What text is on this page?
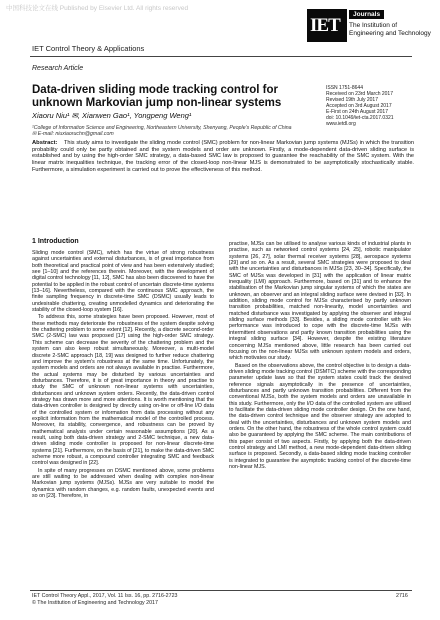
中国科技论文在线 Published by Elsevier Ltd. All rights reserved
IET Control Theory & Applications
IET
Journals
The Institution of
Engineering and Technology
Research Article
Data-driven sliding mode tracking control for unknown Markovian jump non-linear systems
ISSN 1751-8644
Received on 23rd March 2017
Revised 19th July 2017
Accepted on 3rd August 2017
E-First on 24th August 2017
doi: 10.1049/iet-cta.2017.0321
www.ietdl.org
Xiaoru Niu¹ ✉, Xianwen Gao¹, Yongpeng Weng¹
¹College of Information Science and Engineering, Northeastern University, Shenyang, People's Republic of China
✉ E-mail: niuxiaoruchn@gmail.com
Abstract:	This study aims to investigate the sliding mode control (SMC) problem for non-linear Markovian jump systems (MJSs) in which the transition probability could only be partly obtained and the system models and order are unknown. Firstly, a mode-dependent data-driven sliding surface is established and by using the high-order SMC strategy, a data-based SMC law is proposed to guarantee the reachability of the SMC system. With the linear matrix inequalities technique, the tracking error of the closed-loop non-linear MJS is demonstrated to be asymptotically stochastically stable. Furthermore, a simulation experiment is carried out to prove the effectiveness of this method.
1 Introduction

Sliding mode control (SMC), which has the virtue of strong robustness against uncertainties and external disturbances, is of great importance from both theoretical and practical point of view and has been extensively studied; see [1–10] and the references therein. Moreover, with the development of digital control technology [11, 12], SMC has also been discovered to have the potential to be applied in the robust control of uncertain discrete-time systems [13–16]. Nevertheless, compared with the continuous SMC approach, the finite sampling frequency in discrete-time SMC (DSMC) usually leads to undesirable chattering, creating unmodelled dynamics and deteriorating the stability of the closed-loop system [16].

To address this, some strategies have been proposed. However, most of these methods may deteriorate the robustness of the system despite solving the chattering problem to some extent [12]. Recently, a discrete second-order SMC (2-SMC) law was proposed [17] using the high-order SMC strategy. This scheme can decrease the severity of the chattering problem and the system can also keep robust simultaneously. Moreover, a multi-model discrete 2-SMC approach [18, 19] was designed to further reduce chattering and improve the system's robustness at the same time. Unfortunately, the system models and orders are not always available in practise. Furthermore, the actual systems may be disturbed by various uncertainties and disturbances. Therefore, it is of great importance in theory and practise to study the SMC of unknown non-linear systems with uncertainties, disturbances and unknown system orders. Recently, the data-driven control strategy has drawn more and more attentions. It is worth mentioning that the data-driven controller is designed by directly using on-line or off-line I/O data of the controlled system or information from data processing without any explicit information from the mathematical model of the controlled process. Moreover, its stability, convergence, and robustness can be proved by mathematical analysis under certain reasonable assumptions [20]. As a result, using both data-driven strategy and 2-SMC technique, a new data-driven sliding mode controller is proposed for non-linear discrete-time systems [21]. Furthermore, on the basis of [21], to make the data-driven SMC scheme more robust, a compound controller integrating SMC and feedback control was designed in [22].

In spite of many progresses on DSMC mentioned above, some problems are still waiting to be addressed when dealing with complex non-linear Markovian jump systems (MJSs). MJSs are very suitable to model the dynamics with random changes, e.g. random faults, unexpected events and so on [23]. Therefore, in

practise, MJSs can be utilised to analyse various kinds of industrial plants in practise, such as networked control systems [24, 25], robotic manipulator systems [26, 27], solar thermal receiver systems [28], aerospace systems [29] and so on. As a result, several SMC strategies were proposed to deal with the uncertainties and disturbances in MJSs [23, 30–34]. Specifically, the SMC of MJSs was developed in [31] with the application of linear matrix inequality (LMI) approach. Furthermore, based on [31] and to enhance the stabilisation of the Markovian jump singular systems of which the states are unknown, an observer and an integral sliding surface were devised in [32]. In addition, sliding mode control for MJSs characterised by partly unknown transition probabilities, matched non-linearity, model uncertainties and matched disturbance was investigated by applying the observer and integral sliding surface methods [33]. Besides, a sliding mode controller with H∞ performance was introduced to cope with the discrete-time MJSs with intermittent observations and partly known transition probabilities using the integral sliding surface [34]. However, despite the existing literature concerning MJSs mentioned above, little research has been carried out focusing on the non-linear MJSs with unknown system models and orders, which motivates our study.

Based on the observations above, the control objective is to design a data-driven sliding mode tracking control (DSMTC) scheme with the corresponding parameter update laws so that the system states could track the desired reference signals asymptotically in the presence of uncertainties, disturbances and partly unknown transition probabilities. Different from the conventional MJSs, both the system models and orders are unavailable in this study. Furthermore, only the I/O data of the controlled system are utilised to facilitate the data-driven sliding mode controller design. On the one hand, the data-driven control technique and the observer strategy are adopted to deal with the uncertainties, disturbances and unknown system models and orders. On the other hand, the robustness of the whole control system could also be guaranteed by applying the SMC scheme. The main contributions of this paper consist of two aspects. Firstly, by applying both the data-driven control strategy and LMI method, a new mode-dependent data-driven sliding surface is proposed. Secondly, a data-based sliding mode tracking controller is integrated to guarantee the asymptotic tracking control of the discrete-time non-linear MJS.

IET Control Theory Appl., 2017, Vol. 11 Iss. 16, pp. 2716-2723
© The Institution of Engineering and Technology 2017
2716
